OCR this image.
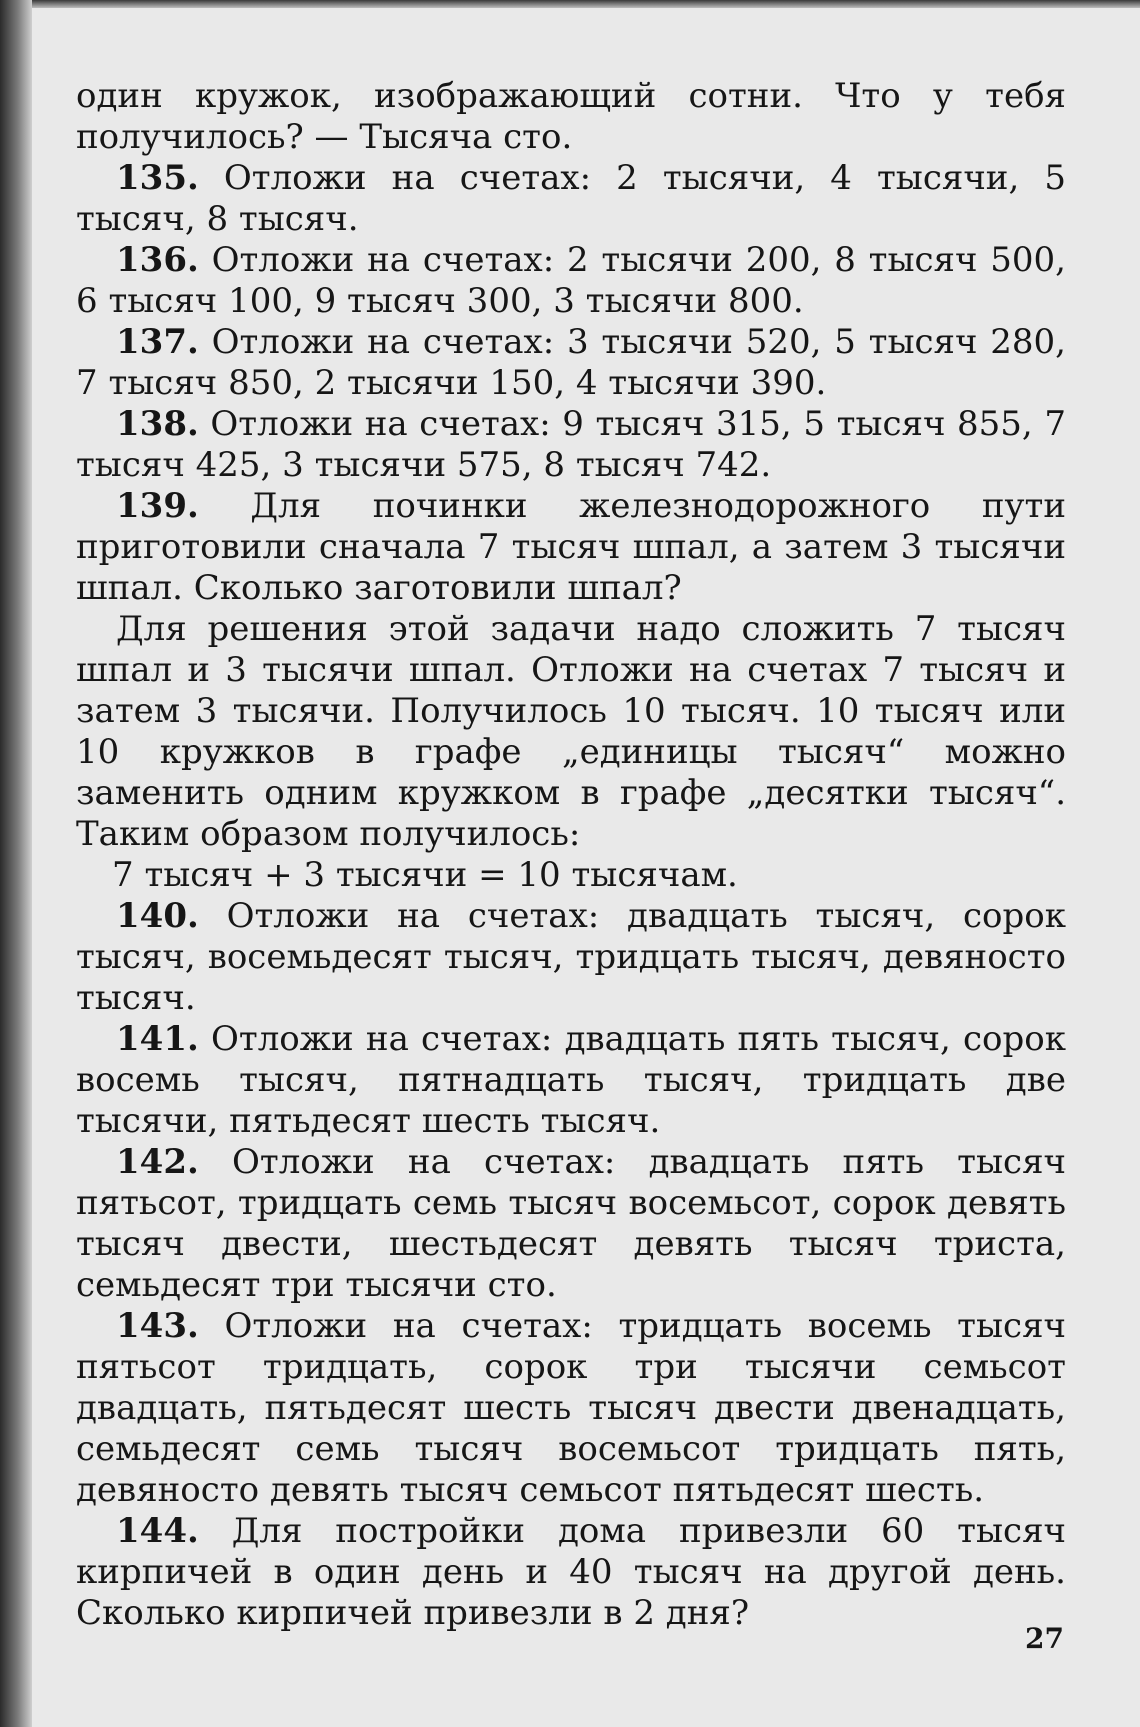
один кружок, изображающий сотни. Что у тебя получилось? — Тысяча сто.

135. Отложи на счетах: 2 тысячи, 4 тысячи, 5 тысяч, 8 тысяч.

136. Отложи на счетах: 2 тысячи 200, 8 тысяч 500, 6 тысяч 100, 9 тысяч 300, 3 тысячи 800.

137. Отложи на счетах: 3 тысячи 520, 5 тысяч 280, 7 тысяч 850, 2 тысячи 150, 4 тысячи 390.

138. Отложи на счетах: 9 тысяч 315, 5 тысяч 855, 7 тысяч 425, 3 тысячи 575, 8 тысяч 742.

139. Для починки железнодорожного пути приготовили сначала 7 тысяч шпал, а затем 3 тысячи шпал. Сколько заготовили шпал?

Для решения этой задачи надо сложить 7 тысяч шпал и 3 тысячи шпал. Отложи на счетах 7 тысяч и затем 3 тысячи. Получилось 10 тысяч. 10 тысяч или 10 кружков в графе „единицы тысяч“ можно заменить одним кружком в графе „десятки тысяч“. Таким образом получилось:

7 тысяч + 3 тысячи = 10 тысячам.

140. Отложи на счетах: двадцать тысяч, сорок тысяч, восемьдесят тысяч, тридцать тысяч, девяносто тысяч.

141. Отложи на счетах: двадцать пять тысяч, сорок восемь тысяч, пятнадцать тысяч, тридцать две тысячи, пятьдесят шесть тысяч.

142. Отложи на счетах: двадцать пять тысяч пятьсот, тридцать семь тысяч восемьсот, сорок девять тысяч двести, шестьдесят девять тысяч триста, семьдесят три тысячи сто.

143. Отложи на счетах: тридцать восемь тысяч пятьсот тридцать, сорок три тысячи семьсот двадцать, пятьдесят шесть тысяч двести двенадцать, семьдесят семь тысяч восемьсот тридцать пять, девяносто девять тысяч семьсот пятьдесят шесть.

144. Для постройки дома привезли 60 тысяч кирпичей в один день и 40 тысяч на другой день. Сколько кирпичей привезли в 2 дня?

27
